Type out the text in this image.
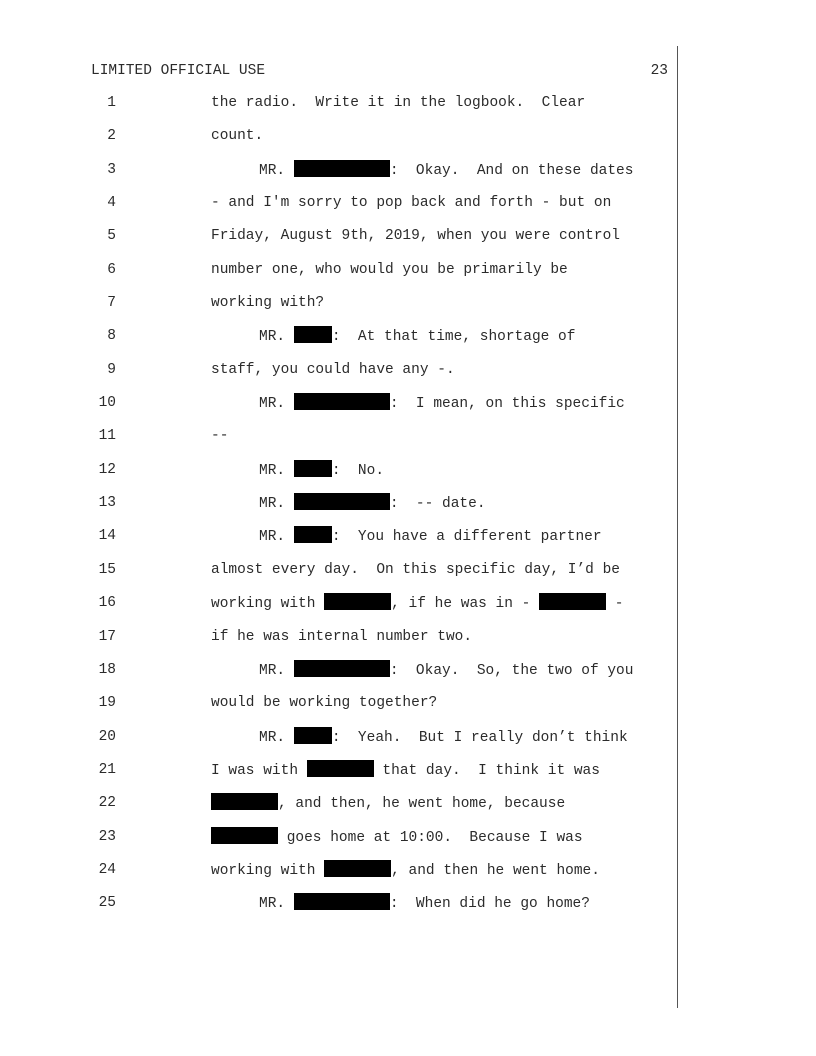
LIMITED OFFICIAL USE	23
1	the radio.  Write it in the logbook.  Clear
2	count.
3	MR.	:  Okay.  And on these dates
4	- and I'm sorry to pop back and forth - but on
5	Friday, August 9th, 2019, when you were control
6	number one, who would you be primarily be
7	working with?
8	MR.	:  At that time, shortage of
9	staff, you could have any -.
10	MR.	:  I mean, on this specific
11	--
12	MR.	:  No.
13	MR.	:  -- date.
14	MR.	:  You have a different partner
15	almost every day.  On this specific day, I’d be
16	working with	, if he was in -	-
17	if he was internal number two.
18	MR.	:  Okay.  So, the two of you
19	would be working together?
20	MR.	:  Yeah.  But I really don’t think
21	I was with	that day.  I think it was
22	, and then, he went home, because
23	goes home at 10:00.  Because I was
24	working with	, and then he went home.
25	MR.	:  When did he go home?
